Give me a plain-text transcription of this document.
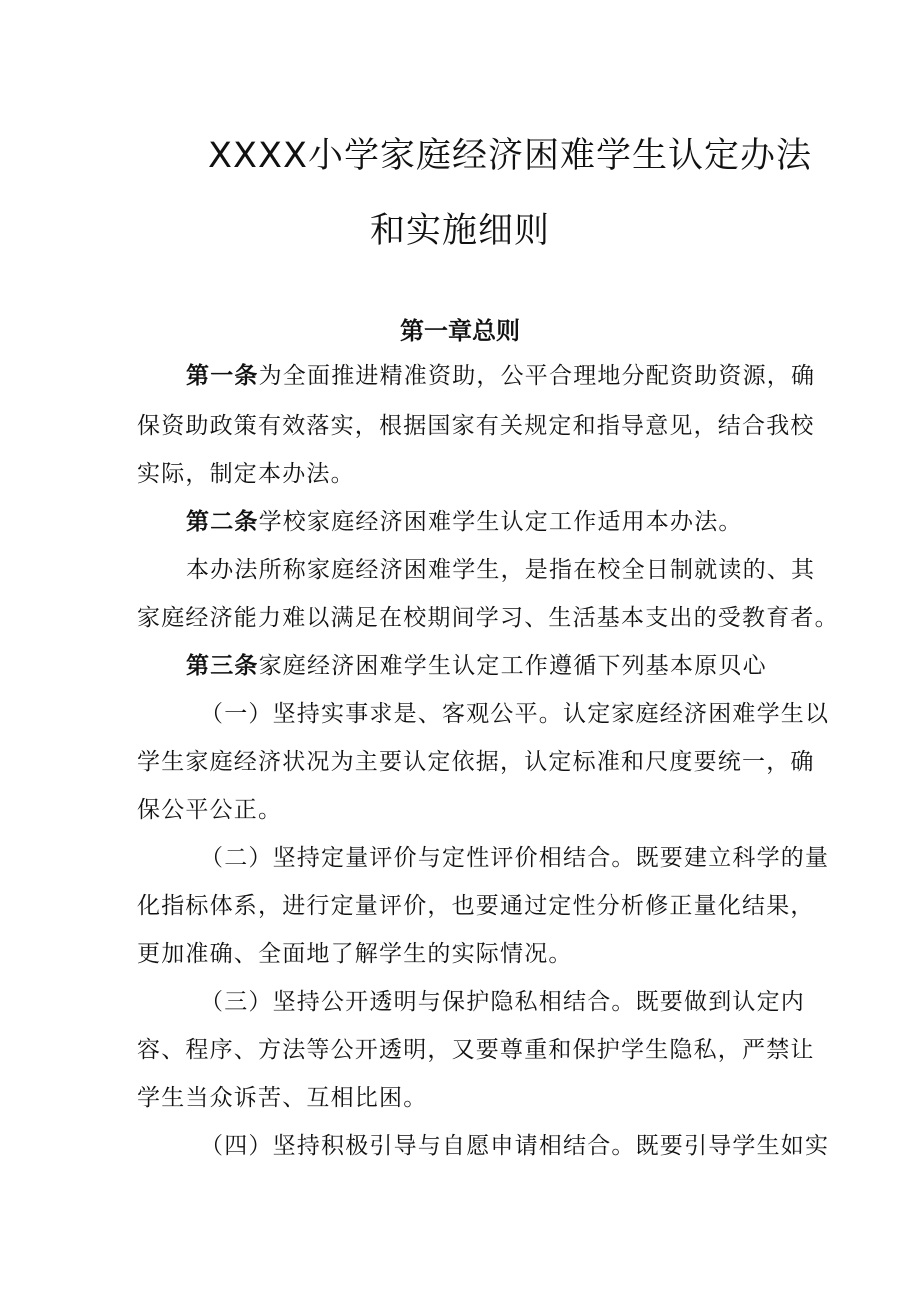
XXXX小学家庭经济困难学生认定办法
和实施细则
第一章总则
第一条为全面推进精准资助，公平合理地分配资助资源，确
保资助政策有效落实，根据国家有关规定和指导意见，结合我校
实际，制定本办法。
第二条学校家庭经济困难学生认定工作适用本办法。
本办法所称家庭经济困难学生，是指在校全日制就读的、其
家庭经济能力难以满足在校期间学习、生活基本支出的受教育者。
第三条家庭经济困难学生认定工作遵循下列基本原贝心
（一）坚持实事求是、客观公平。认定家庭经济困难学生以
学生家庭经济状况为主要认定依据，认定标准和尺度要统一，确
保公平公正。
（二）坚持定量评价与定性评价相结合。既要建立科学的量
化指标体系，进行定量评价，也要通过定性分析修正量化结果，
更加准确、全面地了解学生的实际情况。
（三）坚持公开透明与保护隐私相结合。既要做到认定内
容、程序、方法等公开透明，又要尊重和保护学生隐私，严禁让
学生当众诉苦、互相比困。
（四）坚持积极引导与自愿申请相结合。既要引导学生如实
